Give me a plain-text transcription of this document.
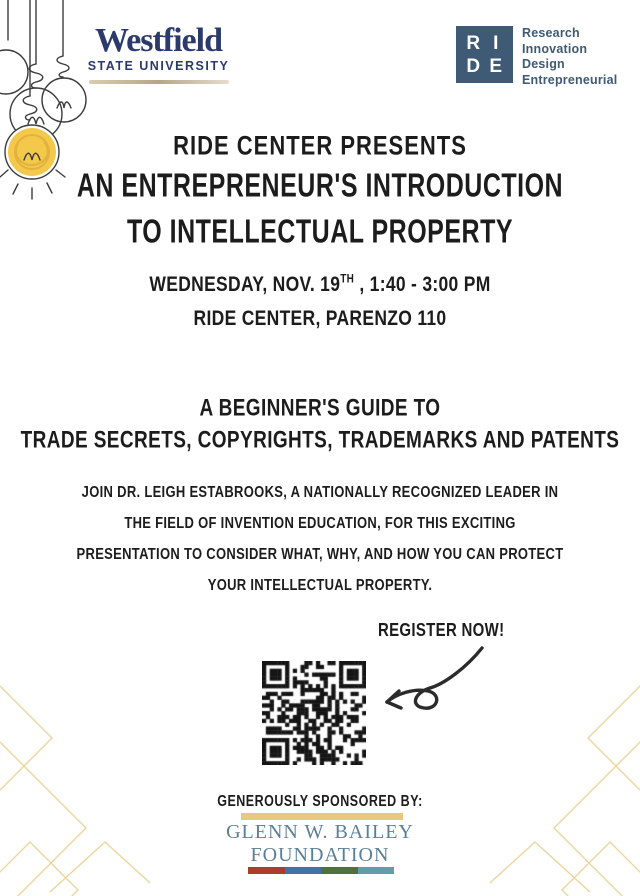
Westfield
STATE UNIVERSITY
R I
D E
Research
Innovation
Design
Entrepreneurial
RIDE CENTER PRESENTS
AN ENTREPRENEUR'S INTRODUCTION
TO INTELLECTUAL PROPERTY
WEDNESDAY, NOV. 19TH , 1:40 - 3:00 PM
RIDE CENTER, PARENZO 110
A BEGINNER'S GUIDE TO
TRADE SECRETS, COPYRIGHTS, TRADEMARKS AND PATENTS
JOIN DR. LEIGH ESTABROOKS, A NATIONALLY RECOGNIZED LEADER IN
THE FIELD OF INVENTION EDUCATION, FOR THIS EXCITING
PRESENTATION TO CONSIDER WHAT, WHY, AND HOW YOU CAN PROTECT
YOUR INTELLECTUAL PROPERTY.
REGISTER NOW!
GENEROUSLY SPONSORED BY:
GLENN W. BAILEY
FOUNDATION
